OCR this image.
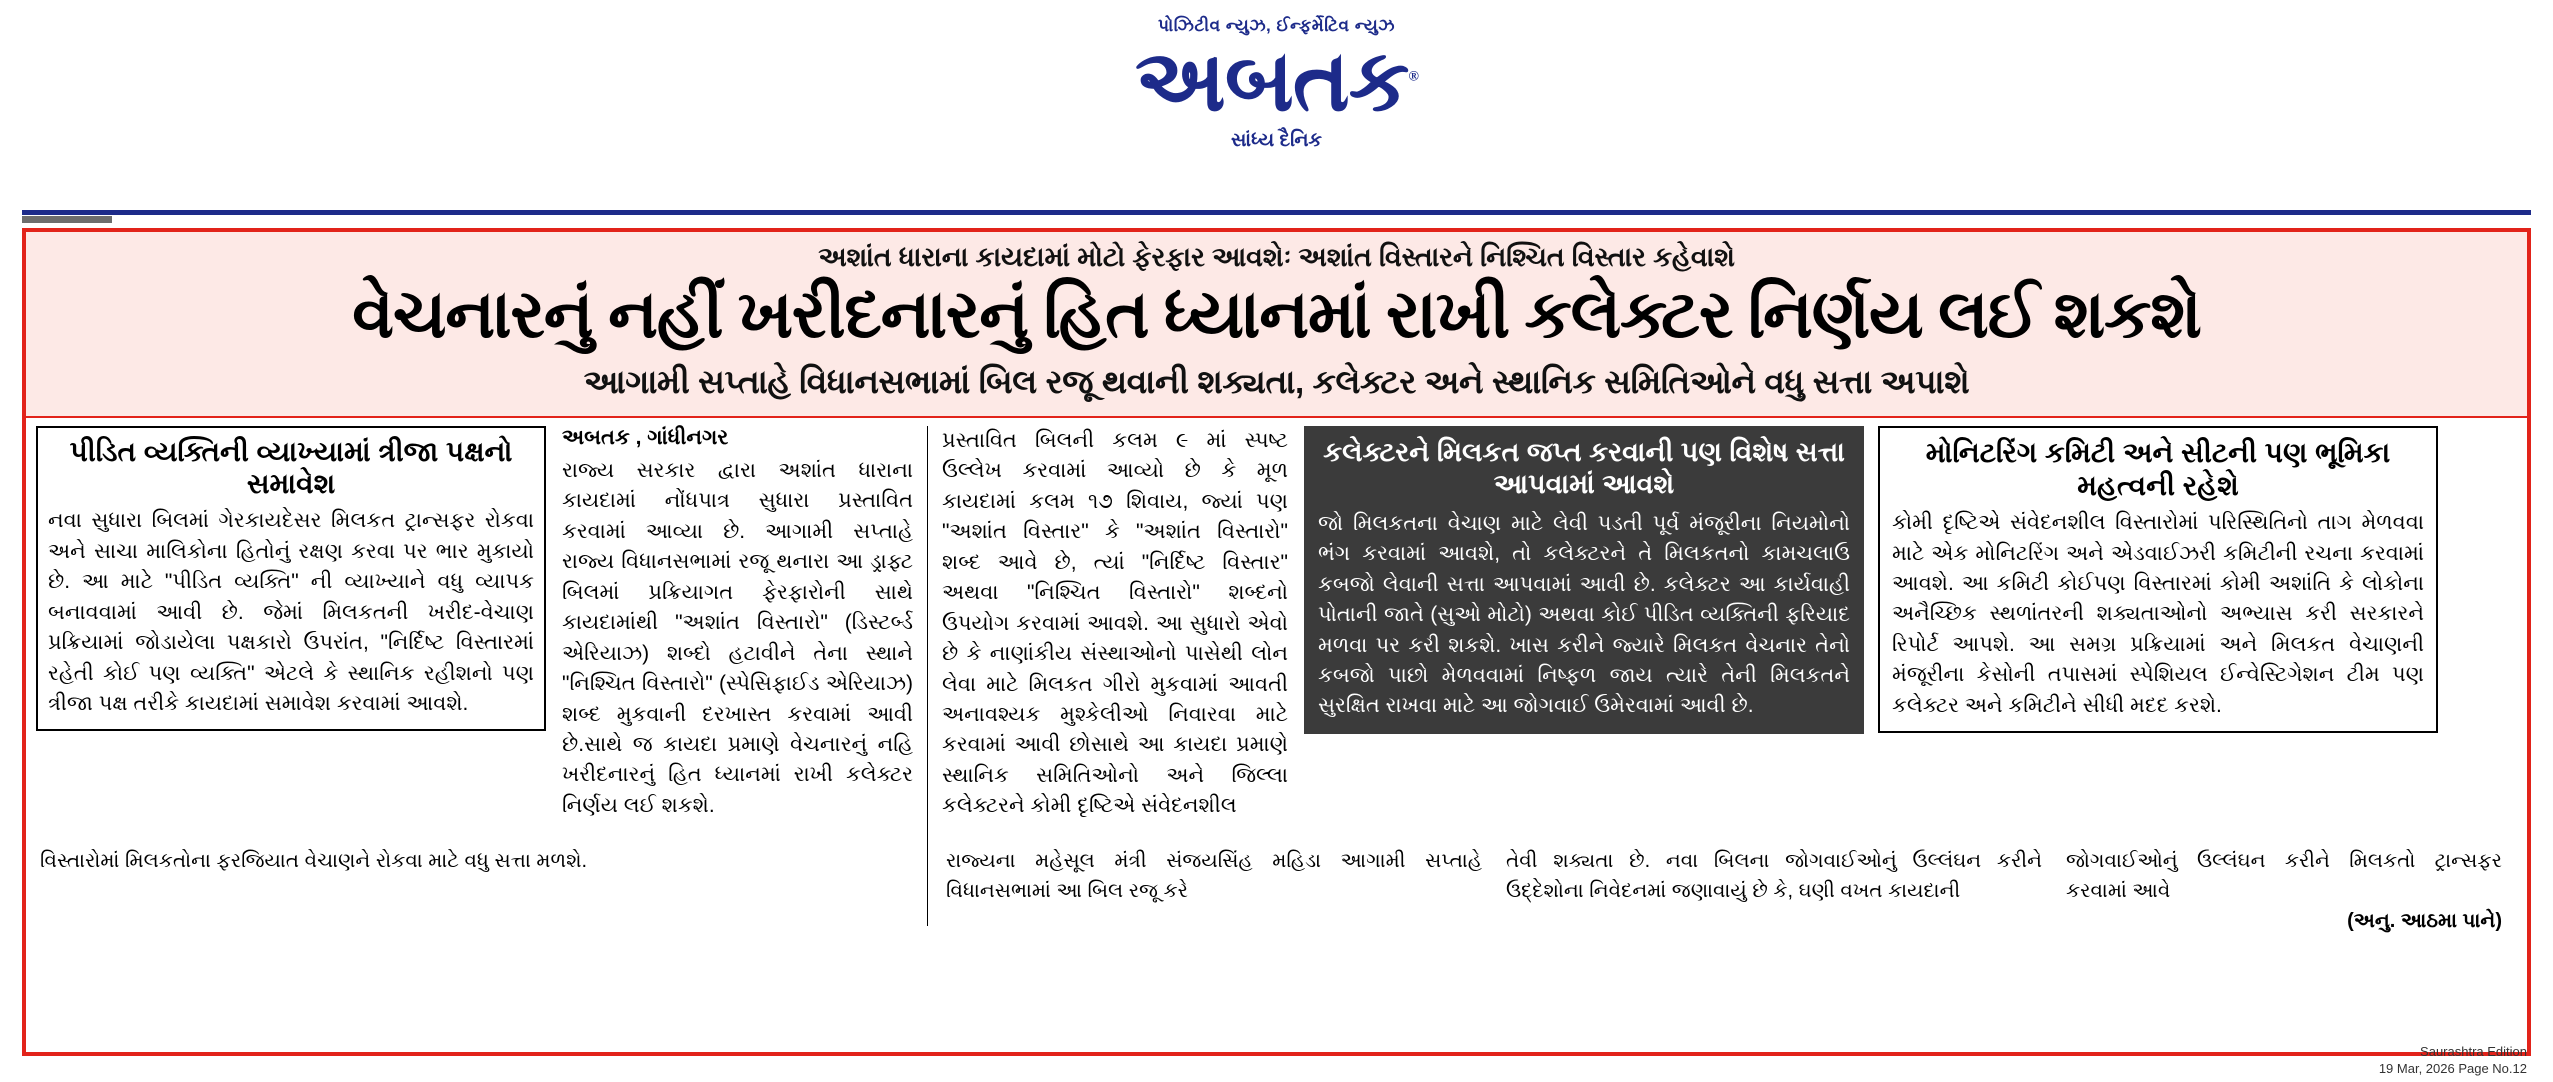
પોઝિટીવ ન્યુઝ, ઈન્ફર્મેટિવ ન્યુઝ
અબતક®
સાંધ્ય દૈનિક
અશાંત ધારાના કાયદામાં મોટો ફેરફાર આવશેઃ અશાંત વિસ્તારને નિશ્ચિત વિસ્તાર કહેવાશે
વેચનારનું નહીં ખરીદનારનું હિત ધ્યાનમાં રાખી કલેક્ટર નિર્ણય લઈ શકશે
આગામી સપ્તાહે વિધાનસભામાં બિલ રજૂ થવાની શક્યતા, કલેક્ટર અને સ્થાનિક સમિતિઓને વધુ સત્તા અપાશે
પીડિત વ્યક્તિની વ્યાખ્યામાં ત્રીજા પક્ષનો સમાવેશ

નવા સુધારા બિલમાં ગેરકાયદેસર મિલકત ટ્રાન્સફર રોકવા અને સાચા માલિકોના હિતોનું રક્ષણ કરવા પર ભાર મુકાયો છે. આ માટે "પીડિત વ્યક્તિ" ની વ્યાખ્યાને વધુ વ્યાપક બનાવવામાં આવી છે. જેમાં મિલકતની ખરીદ-વેચાણ પ્રક્રિયામાં જોડાયેલા પક્ષકારો ઉપરાંત, "નિર્દિષ્ટ વિસ્તારમાં રહેતી કોઈ પણ વ્યક્તિ" એટલે કે સ્થાનિક રહીશનો પણ ત્રીજા પક્ષ તરીકે કાયદામાં સમાવેશ કરવામાં આવશે.

અબતક , ગાંધીનગર

રાજ્ય સરકાર દ્વારા અશાંત ધારાના કાયદામાં નોંધપાત્ર સુધારા પ્રસ્તાવિત કરવામાં આવ્યા છે. આગામી સપ્તાહે રાજ્ય વિધાનસભામાં રજૂ થનારા આ ડ્રાફ્ટ બિલમાં પ્રક્રિયાગત ફેરફારોની સાથે કાયદામાંથી "અશાંત વિસ્તારો" (ડિસ્ટર્બ્ડ એરિયાઝ) શબ્દો હટાવીને તેના સ્થાને "નિશ્ચિત વિસ્તારો" (સ્પેસિફાઈડ એરિયાઝ) શબ્દ મુકવાની દરખાસ્ત કરવામાં આવી છે.સાથે જ કાયદા પ્રમાણે વેચનારનું નહિ ખરીદનારનું હિત ધ્યાનમાં રાખી કલેક્ટર નિર્ણય લઈ શકશે.

પ્રસ્તાવિત બિલની કલમ ૯ માં સ્પષ્ટ ઉલ્લેખ કરવામાં આવ્યો છે કે મૂળ કાયદામાં કલમ ૧૭ શિવાય, જ્યાં પણ "અશાંત વિસ્તાર" કે "અશાંત વિસ્તારો" શબ્દ આવે છે, ત્યાં "નિર્દિષ્ટ વિસ્તાર" અથવા "નિશ્ચિત વિસ્તારો" શબ્દનો ઉપયોગ કરવામાં આવશે. આ સુધારો એવો છે કે નાણાંકીય સંસ્થાઓનો પાસેથી લોન લેવા માટે મિલકત ગીરો મુકવામાં આવતી અનાવશ્યક મુશ્કેલીઓ નિવારવા માટે કરવામાં આવી છોસાથે આ કાયદા પ્રમાણે સ્થાનિક સમિતિઓનો અને જિલ્લા કલેક્ટરને કોમી દૃષ્ટિએ સંવેદનશીલ

કલેક્ટરને મિલકત જપ્ત કરવાની પણ વિશેષ સત્તા આપવામાં આવશે

જો મિલકતના વેચાણ માટે લેવી પડતી પૂર્વ મંજૂરીના નિયમોનો ભંગ કરવામાં આવશે, તો કલેક્ટરને તે મિલકતનો કામચલાઉ કબજો લેવાની સત્તા આપવામાં આવી છે. કલેક્ટર આ કાર્યવાહી પોતાની જાતે (સુઓ મોટો) અથવા કોઈ પીડિત વ્યક્તિની ફરિયાદ મળવા પર કરી શકશે. ખાસ કરીને જ્યારે મિલકત વેચનાર તેનો કબજો પાછો મેળવવામાં નિષ્ફળ જાય ત્યારે તેની મિલકતને સુરક્ષિત રાખવા માટે આ જોગવાઈ ઉમેરવામાં આવી છે.

મોનિટરિંગ કમિટી અને સીટની પણ ભૂમિકા મહત્વની રહેશે

કોમી દૃષ્ટિએ સંવેદનશીલ વિસ્તારોમાં પરિસ્થિતિનો તાગ મેળવવા માટે એક મોનિટરિંગ અને એડવાઈઝરી કમિટીની રચના કરવામાં આવશે. આ કમિટી કોઈપણ વિસ્તારમાં કોમી અશાંતિ કે લોકોના અનૈચ્છિક સ્થળાંતરની શક્યતાઓનો અભ્યાસ કરી સરકારને રિપોર્ટ આપશે. આ સમગ્ર પ્રક્રિયામાં અને મિલકત વેચાણની મંજૂરીના કેસોની તપાસમાં સ્પેશિયલ ઈન્વેસ્ટિગેશન ટીમ પણ કલેક્ટર અને કમિટીને સીધી મદદ કરશે.

વિસ્તારોમાં મિલકતોના ફરજિયાત વેચાણને રોકવા માટે વધુ સત્તા મળશે.	રાજ્યના મહેસૂલ મંત્રી સંજયસિંહ મહિડા આગામી સપ્તાહે વિધાનસભામાં આ બિલ રજૂ કરે
તેવી શક્યતા છે. નવા બિલના જોગવાઈઓનું ઉલ્લંઘન કરીને ઉદ્દેશોના નિવેદનમાં જણાવાયું છે કે, ઘણી વખત કાયદાની
જોગવાઈઓનું ઉલ્લંઘન કરીને મિલકતો ટ્રાન્સફર કરવામાં આવે
(અનુ. આઠમા પાને)
Saurashtra Edition
19 Mar, 2026 Page No.12
